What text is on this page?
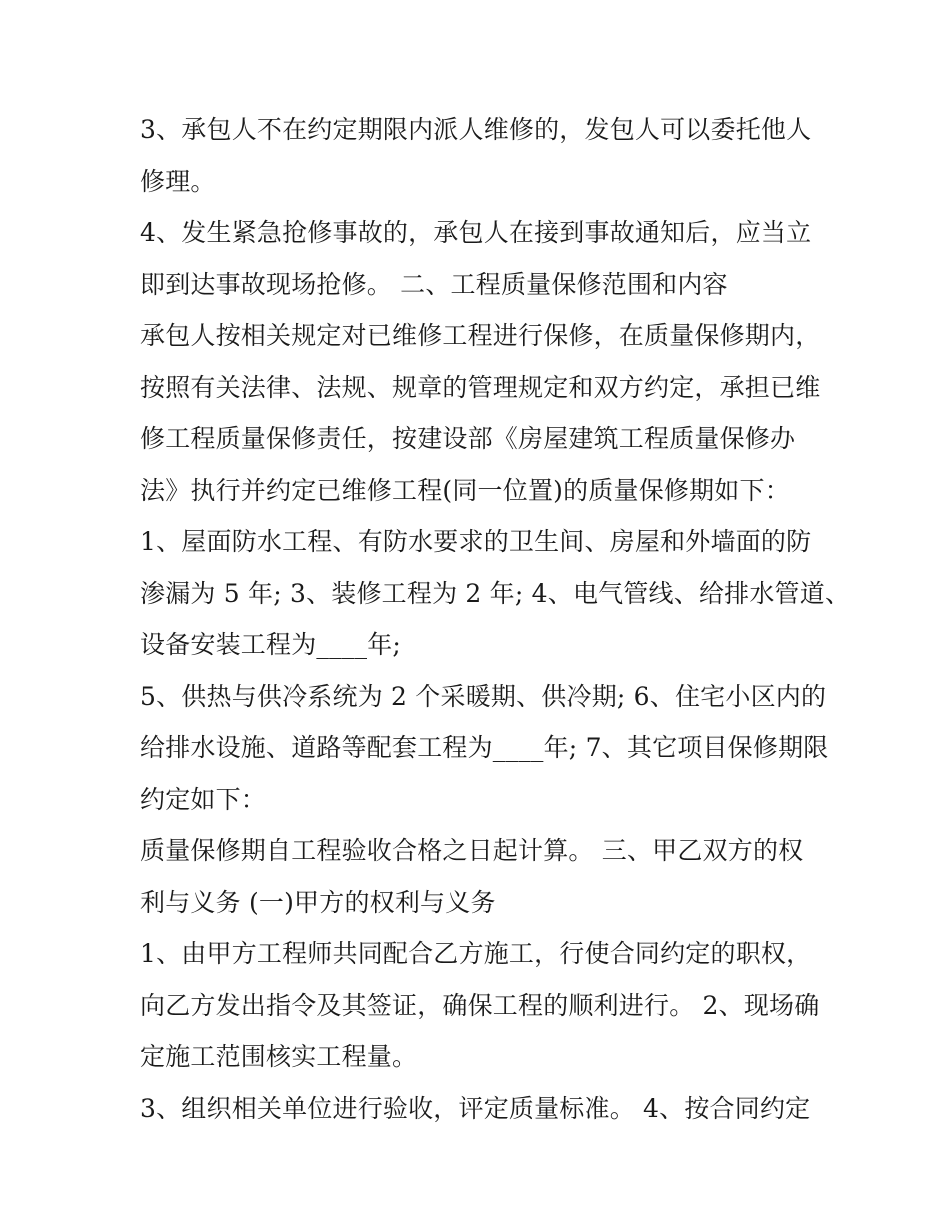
3、承包人不在约定期限内派人维修的，发包人可以委托他人
修理。
4、发生紧急抢修事故的，承包人在接到事故通知后，应当立
即到达事故现场抢修。 二、工程质量保修范围和内容
承包人按相关规定对已维修工程进行保修，在质量保修期内，
按照有关法律、法规、规章的管理规定和双方约定，承担已维
修工程质量保修责任，按建设部《房屋建筑工程质量保修办
法》执行并约定已维修工程(同一位置)的质量保修期如下：
1、屋面防水工程、有防水要求的卫生间、房屋和外墙面的防
渗漏为 5 年; 3、装修工程为 2 年; 4、电气管线、给排水管道、
设备安装工程为____年;
5、供热与供冷系统为 2 个采暖期、供冷期; 6、住宅小区内的
给排水设施、道路等配套工程为____年; 7、其它项目保修期限
约定如下：
质量保修期自工程验收合格之日起计算。 三、甲乙双方的权
利与义务 (一)甲方的权利与义务
1、由甲方工程师共同配合乙方施工，行使合同约定的职权，
向乙方发出指令及其签证，确保工程的顺利进行。 2、现场确
定施工范围核实工程量。
3、组织相关单位进行验收，评定质量标准。 4、按合同约定
